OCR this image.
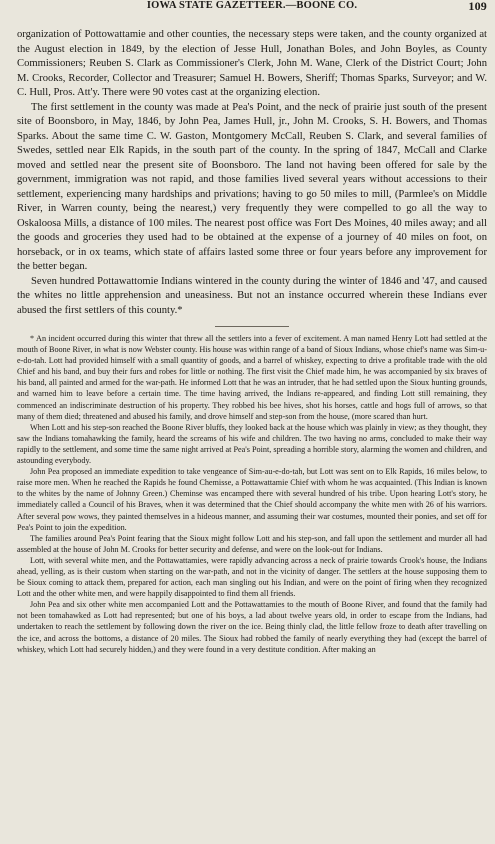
IOWA STATE GAZETTEER.—BOONE CO.	109

organization of Pottowattamie and other counties, the necessary steps were taken, and the county organized at the August election in 1849, by the election of Jesse Hull, Jonathan Boles, and John Boyles, as County Commissioners; Reuben S. Clark as Commissioner's Clerk, John M. Wane, Clerk of the District Court; John M. Crooks, Recorder, Collector and Treasurer; Samuel H. Bowers, Sheriff; Thomas Sparks, Surveyor; and W. C. Hull, Pros. Att'y. There were 90 votes cast at the organizing election.

The first settlement in the county was made at Pea's Point, and the neck of prairie just south of the present site of Boonsboro, in May, 1846, by John Pea, James Hull, jr., John M. Crooks, S. H. Bowers, and Thomas Sparks. About the same time C. W. Gaston, Montgomery McCall, Reuben S. Clark, and several families of Swedes, settled near Elk Rapids, in the south part of the county. In the spring of 1847, McCall and Clarke moved and settled near the present site of Boonsboro. The land not having been offered for sale by the government, immigration was not rapid, and those families lived several years without accessions to their settlement, experiencing many hardships and privations; having to go 50 miles to mill, (Parmlee's on Middle River, in Warren county, being the nearest,) very frequently they were compelled to go all the way to Oskaloosa Mills, a distance of 100 miles. The nearest post office was Fort Des Moines, 40 miles away; and all the goods and groceries they used had to be obtained at the expense of a journey of 40 miles on foot, on horseback, or in ox teams, which state of affairs lasted some three or four years before any improvement for the better began.

Seven hundred Pottawattomie Indians wintered in the county during the winter of 1846 and '47, and caused the whites no little apprehension and uneasiness. But not an instance occurred wherein these Indians ever abused the first settlers of this county.*

* An incident occurred during this winter that threw all the settlers into a fever of excitement. A man named Henry Lott had settled at the mouth of Boone River, in what is now Webster county. His house was within range of a band of Sioux Indians, whose chief's name was Sim-u-e-do-tah. Lott had provided himself with a small quantity of goods, and a barrel of whiskey, expecting to drive a profitable trade with the old Chief and his band, and buy their furs and robes for little or nothing. The first visit the Chief made him, he was accompanied by six braves of his band, all painted and armed for the war-path. He informed Lott that he was an intruder, that he had settled upon the Sioux hunting grounds, and warned him to leave before a certain time. The time having arrived, the Indians re-appeared, and finding Lott still remaining, they commenced an indiscriminate destruction of his property. They robbed his bee hives, shot his horses, cattle and hogs full of arrows, so that many of them died; threatened and abused his family, and drove himself and step-son from the house, (more scared than hurt.

When Lott and his step-son reached the Boone River bluffs, they looked back at the house which was plainly in view; as they thought, they saw the Indians tomahawking the family, heard the screams of his wife and children. The two having no arms, concluded to make their way rapidly to the settlement, and some time the same night arrived at Pea's Point, spreading a horrible story, alarming the women and children, and astounding everybody.

John Pea proposed an immediate expedition to take vengeance of Sim-au-e-do-tah, but Lott was sent on to Elk Rapids, 16 miles below, to raise more men. When he reached the Rapids he found Chemisse, a Pottawattamie Chief with whom he was acquainted. (This Indian is known to the whites by the name of Johnny Green.) Cheminse was encamped there with several hundred of his tribe. Upon hearing Lott's story, he immediately called a Council of his Braves, when it was determined that the Chief should accompany the white men with 26 of his warriors. After several pow wows, they painted themselves in a hideous manner, and assuming their war costumes, mounted their ponies, and set off for Pea's Point to join the expedition.

The families around Pea's Point fearing that the Sioux might follow Lott and his step-son, and fall upon the settlement and murder all had assembled at the house of John M. Crooks for better security and defense, and were on the look-out for Indians.

Lott, with several white men, and the Pottawattamies, were rapidly advancing across a neck of prairie towards Crook's house, the Indians ahead, yelling, as is their custom when starting on the war-path, and not in the vicinity of danger. The settlers at the house supposing them to be Sioux coming to attack them, prepared for action, each man singling out his Indian, and were on the point of firing when they recognized Lott and the other white men, and were happily disappointed to find them all friends.

John Pea and six other white men accompanied Lott and the Pottawattamies to the mouth of Boone River, and found that the family had not been tomahawked as Lott had represented; but one of his boys, a lad about twelve years old, in order to escape from the Indians, had undertaken to reach the settlement by following down the river on the ice. Being thinly clad, the little fellow froze to death after travelling on the ice, and across the bottoms, a distance of 20 miles. The Sioux had robbed the family of nearly everything they had (except the barrel of whiskey, which Lott had securely hidden,) and they were found in a very destitute condition. After making an
